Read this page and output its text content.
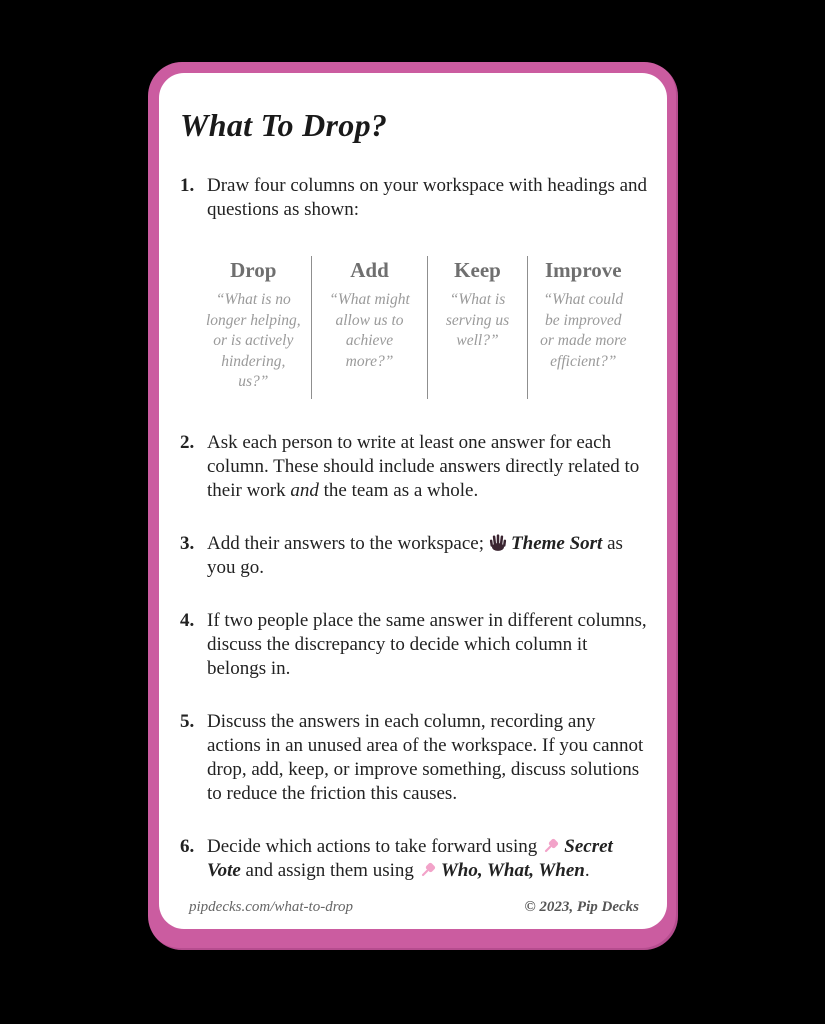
What To Drop?
1. Draw four columns on your workspace with headings and questions as shown:
Drop
“What is no longer helping, or is actively hindering, us?”
Add
“What might allow us to achieve more?”
Keep
“What is serving us well?”
Improve
“What could be improved or made more efficient?”
2. Ask each person to write at least one answer for each column. These should include answers directly related to their work and the team as a whole.
3. Add their answers to the workspace; Theme Sort as you go.
4. If two people place the same answer in different columns, discuss the discrepancy to decide which column it belongs in.
5. Discuss the answers in each column, recording any actions in an unused area of the workspace. If you cannot drop, add, keep, or improve something, discuss solutions to reduce the friction this causes.
6. Decide which actions to take forward using Secret Vote and assign them using Who, What, When.
pipdecks.com/what-to-drop	© 2023, Pip Decks
